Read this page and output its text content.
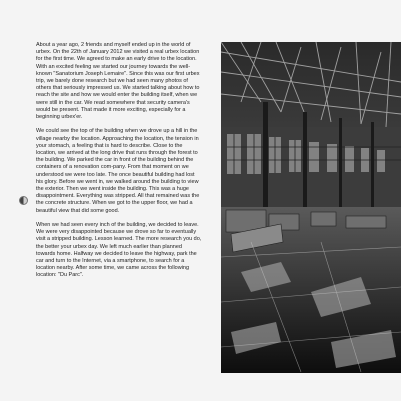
About a year ago, 2 friends and myself ended up in the world of urbex. On the 22th of January 2012 we visited a real urbex location for the first time. We agreed to make an early drive to the location. With an excited feeling we started our journey towards the well-known "Sanatorium Joseph Lemaire". Since this was our first urbex trip, we barely done research but we had seen many photos of others that seriously impressed us. We started talking about how to reach the site and how we would enter the building itself, when we were still in the car. We read somewhere that security camera's would be present. That made it more exciting, especially for a beginning urbex'er.

We could see the top of the building when we drove up a hill in the village nearby the location. Approaching the location, the tension in your stomach, a feeling that is hard to describe. Close to the location, we arrived at the long drive that runs through the forest to the building. We parked the car in front of the building behind the containers of a renovation com-pany. From that moment on we understood we were too late. The once beautiful building had lost his glory. Before we went in, we walked around the building to view the exterior. Then we went inside the building. This was a huge disappointment. Everything was stripped. All that remained was the the concrete structure. When we got to the upper floor, we had a beautiful view that did some good.

When we had seen every inch of the building, we decided to leave. We were very disappointed because we drove so far to eventually visit a stripped building. Lesson learned. The more research you do, the better your urbex day. We left much earlier than planned towards home. Halfway we decided to leave the highway, park the car and turn to the Internet, via a smartphone, to search for a location nearby. After some time, we came across the following location: "Du Parc".
